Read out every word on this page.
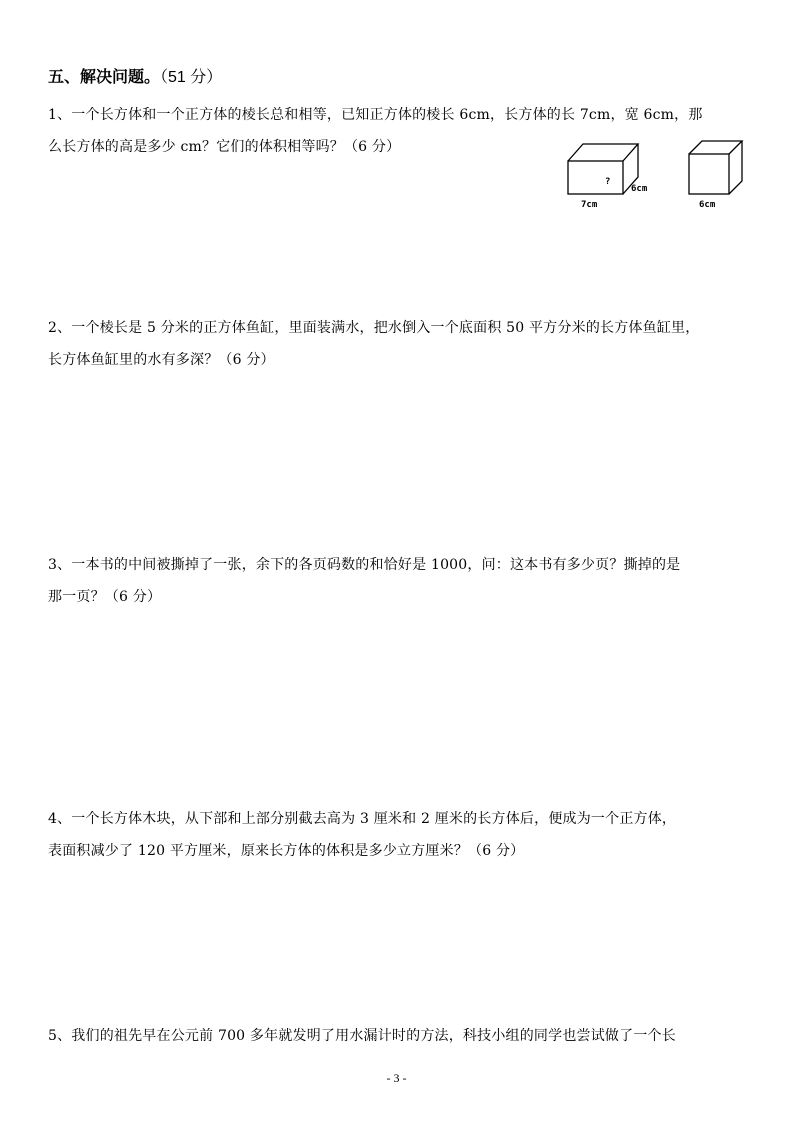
五、解决问题。（51 分）
1、一个长方体和一个正方体的棱长总和相等，已知正方体的棱长 6cm，长方体的长 7cm，宽 6cm，那
么长方体的高是多少 cm？它们的体积相等吗？（6 分）
?
6cm
7cm	6cm
2、一个棱长是 5 分米的正方体鱼缸，里面装满水，把水倒入一个底面积 50 平方分米的长方体鱼缸里，
长方体鱼缸里的水有多深？（6 分）
3、一本书的中间被撕掉了一张，余下的各页码数的和恰好是 1000，问：这本书有多少页？撕掉的是
那一页？（6 分）
4、一个长方体木块，从下部和上部分别截去高为 3 厘米和 2 厘米的长方体后，便成为一个正方体，
表面积减少了 120 平方厘米，原来长方体的体积是多少立方厘米？（6 分）
5、我们的祖先早在公元前 700 多年就发明了用水漏计时的方法，科技小组的同学也尝试做了一个长
- 3 -
